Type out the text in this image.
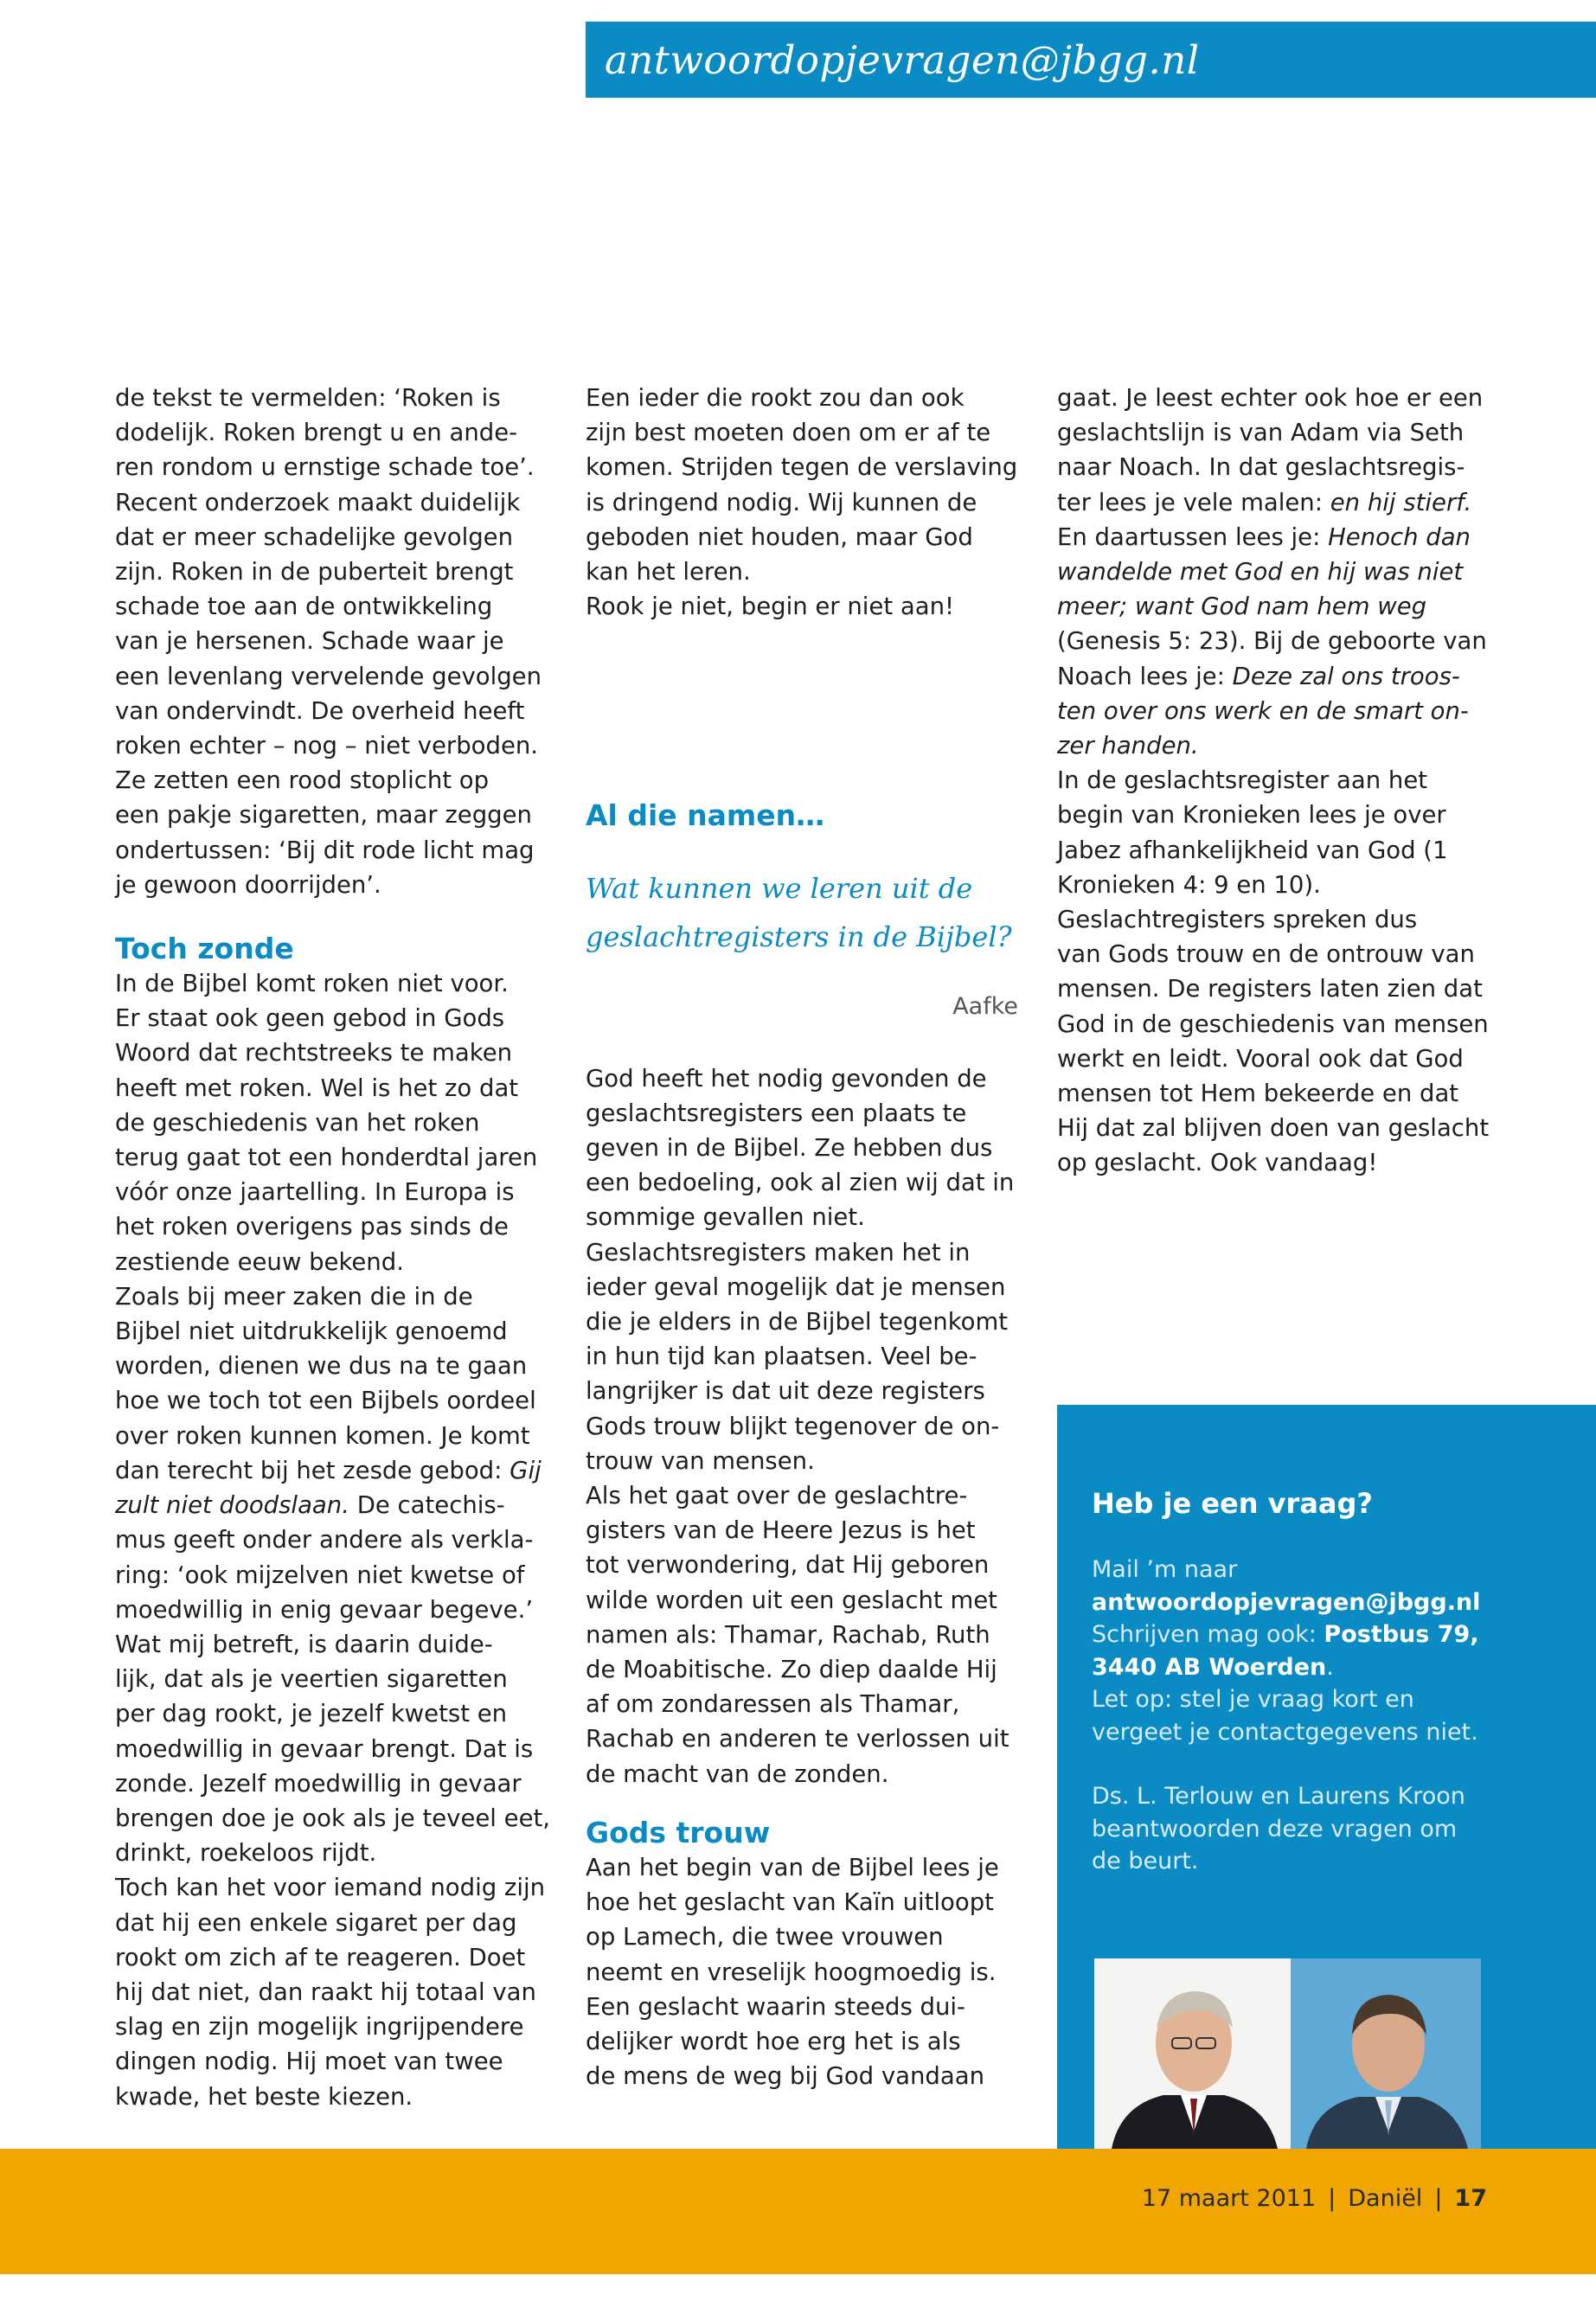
antwoordopjevragen@jbgg.nl

de tekst te vermelden: ‘Roken is

dodelijk. Roken brengt u en ande-

ren rondom u ernstige schade toe’.

Recent onderzoek maakt duidelijk

dat er meer schadelijke gevolgen

zijn. Roken in de puberteit brengt

schade toe aan de ontwikkeling

van je hersenen. Schade waar je

een levenlang vervelende gevolgen

van ondervindt. De overheid heeft

roken echter – nog – niet verboden.

Ze zetten een rood stoplicht op

een pakje sigaretten, maar zeggen

ondertussen: ‘Bij dit rode licht mag

je gewoon doorrijden’.

Toch zonde

In de Bijbel komt roken niet voor.

Er staat ook geen gebod in Gods

Woord dat rechtstreeks te maken

heeft met roken. Wel is het zo dat

de geschiedenis van het roken

terug gaat tot een honderdtal jaren

vóór onze jaartelling. In Europa is

het roken overigens pas sinds de

zestiende eeuw bekend.

Zoals bij meer zaken die in de

Bijbel niet uitdrukkelijk genoemd

worden, dienen we dus na te gaan

hoe we toch tot een Bijbels oordeel

over roken kunnen komen. Je komt

dan terecht bij het zesde gebod: Gij

zult niet doodslaan. De catechis-

mus geeft onder andere als verkla-

ring: ‘ook mijzelven niet kwetse of

moedwillig in enig gevaar begeve.’

Wat mij betreft, is daarin duide-

lijk, dat als je veertien sigaretten

per dag rookt, je jezelf kwetst en

moedwillig in gevaar brengt. Dat is

zonde. Jezelf moedwillig in gevaar

brengen doe je ook als je teveel eet,

drinkt, roekeloos rijdt.

Toch kan het voor iemand nodig zijn

dat hij een enkele sigaret per dag

rookt om zich af te reageren. Doet

hij dat niet, dan raakt hij totaal van

slag en zijn mogelijk ingrijpendere

dingen nodig. Hij moet van twee

kwade, het beste kiezen.

Een ieder die rookt zou dan ook

zijn best moeten doen om er af te

komen. Strijden tegen de verslaving

is dringend nodig. Wij kunnen de

geboden niet houden, maar God

kan het leren.

Rook je niet, begin er niet aan!

Al die namen…

Wat kunnen we leren uit de

geslachtregisters in de Bijbel?

Aafke

God heeft het nodig gevonden de

geslachtsregisters een plaats te

geven in de Bijbel. Ze hebben dus

een bedoeling, ook al zien wij dat in

sommige gevallen niet.

Geslachtsregisters maken het in

ieder geval mogelijk dat je mensen

die je elders in de Bijbel tegenkomt

in hun tijd kan plaatsen. Veel be-

langrijker is dat uit deze registers

Gods trouw blijkt tegenover de on-

trouw van mensen.

Als het gaat over de geslachtre-

gisters van de Heere Jezus is het

tot verwondering, dat Hij geboren

wilde worden uit een geslacht met

namen als: Thamar, Rachab, Ruth

de Moabitische. Zo diep daalde Hij

af om zondaressen als Thamar,

Rachab en anderen te verlossen uit

de macht van de zonden.

Gods trouw

Aan het begin van de Bijbel lees je

hoe het geslacht van Kaïn uitloopt

op Lamech, die twee vrouwen

neemt en vreselijk hoogmoedig is.

Een geslacht waarin steeds dui-

delijker wordt hoe erg het is als

de mens de weg bij God vandaan

gaat. Je leest echter ook hoe er een

geslachtslijn is van Adam via Seth

naar Noach. In dat geslachtsregis-

ter lees je vele malen: en hij stierf.

En daartussen lees je: Henoch dan

wandelde met God en hij was niet

meer; want God nam hem weg

(Genesis 5: 23). Bij de geboorte van

Noach lees je: Deze zal ons troos-

ten over ons werk en de smart on-

zer handen.

In de geslachtsregister aan het

begin van Kronieken lees je over

Jabez afhankelijkheid van God (1

Kronieken 4: 9 en 10).

Geslachtregisters spreken dus

van Gods trouw en de ontrouw van

mensen. De registers laten zien dat

God in de geschiedenis van mensen

werkt en leidt. Vooral ook dat God

mensen tot Hem bekeerde en dat

Hij dat zal blijven doen van geslacht

op geslacht. Ook vandaag!

Heb je een vraag?

Mail ’m naar

antwoordopjevragen@jbgg.nl

Schrijven mag ook: Postbus 79,

3440 AB Woerden.

Let op: stel je vraag kort en

vergeet je contactgegevens niet.

Ds. L. Terlouw en Laurens Kroon

beantwoorden deze vragen om

de beurt.

17 maart 2011 | Daniël | 17
